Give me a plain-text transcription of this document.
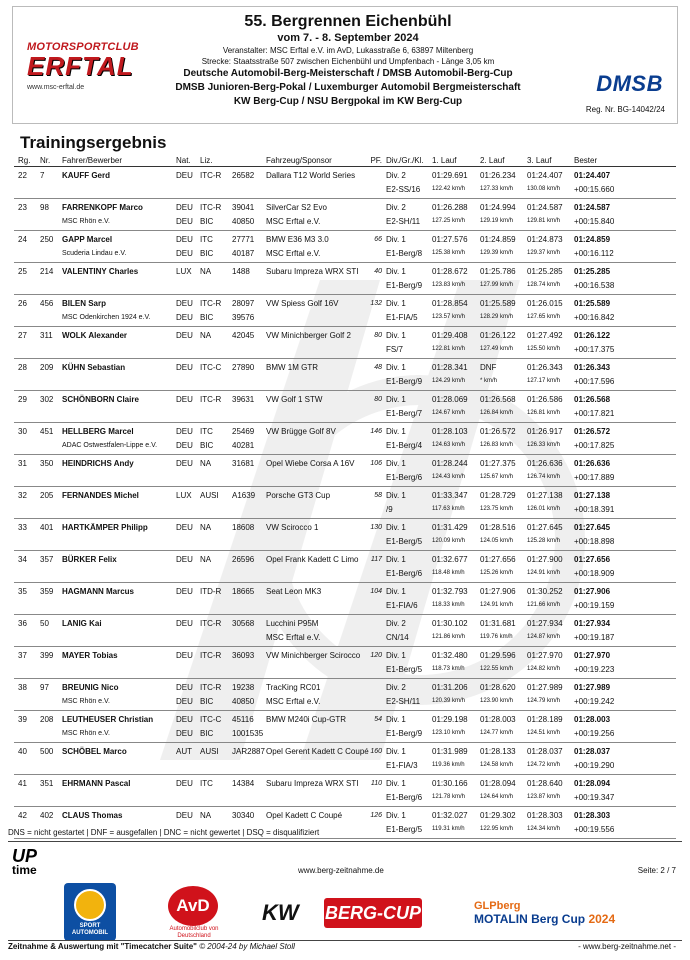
MOTORSPORTCLUB
ERFTAL
www.msc-erftal.de
55. Bergrennen Eichenbühl
vom 7. - 8. September 2024
Veranstalter: MSC Erftal e.V. im AvD, Lukasstraße 6, 63897 Miltenberg
Strecke: Staatsstraße 507 zwischen Eichenbühl und Umpfenbach - Länge 3,05 km
Deutsche Automobil-Berg-Meisterschaft / DMSB Automobil-Berg-Cup
DMSB Junioren-Berg-Pokal / Luxemburger Automobil Bergmeisterschaft
KW Berg-Cup / NSU Bergpokal im KW Berg-Cup
DMSB
Reg. Nr. BG-14042/24
Trainingsergebnis
Rg. Nr. Fahrer/Bewerber	Nat. Liz.	Fahrzeug/Sponsor	PF. Div./Gr./Kl. 1. Lauf	2. Lauf	3. Lauf	Bester
22 7 KAUFF Gerd	DEU ITC-R 26582 Dallara T12 World Series	Div. 2	01:29.691 01:26.234 01:24.407 01:24.407
E2-SS/16 122.42 km/h 127.33 km/h 130.08 km/h +00:15.660
23 98 FARRENKOPF Marco	DEU ITC-R 39041 SilverCar S2 Evo	Div. 2	01:26.288 01:24.994 01:24.587 01:24.587
MSC Rhön e.V.	DEU BIC 40850 MSC Erftal e.V.	E2-SH/11 127.25 km/h 129.19 km/h 129.81 km/h +00:15.840
24 250 GAPP Marcel	DEU ITC 27771 BMW E36 M3 3.0	66 Div. 1	01:27.576 01:24.859 01:24.873 01:24.859
Scuderia Lindau e.V.	DEU BIC 40187 MSC Erftal e.V.	E1-Berg/8 125.38 km/h 129.39 km/h 129.37 km/h +00:16.112
25 214 VALENTINY Charles	LUX NA	1488 Subaru Impreza WRX STI	40 Div. 1	01:28.672 01:25.786 01:25.285 01:25.285
E1-Berg/9 123.83 km/h 127.99 km/h 128.74 km/h +00:16.538
26 456 BILEN Sarp	DEU ITC-R 28097 VW Spiess Golf 16V	132 Div. 1	01:28.854 01:25.589 01:26.015 01:25.589
MSC Odenkirchen 1924 e.V.	DEU BIC 39576	E1-FIA/5 123.57 km/h 128.29 km/h 127.65 km/h +00:16.842
27 311 WOLK Alexander	DEU NA	42045 VW Minichberger Golf 2	80 Div. 1	01:29.408 01:26.122 01:27.492 01:26.122
FS/7	122.81 km/h 127.49 km/h 125.50 km/h +00:17.375
28 209 KÜHN Sebastian	DEU ITC-C 27890 BMW 1M GTR	48 Div. 1	01:28.341 DNF	01:26.343 01:26.343
E1-Berg/9 124.29 km/h * km/h	127.17 km/h +00:17.596
29 302 SCHÖNBORN Claire	DEU ITC-R 39631 VW Golf 1 STW	80 Div. 1	01:28.069 01:26.568 01:26.586 01:26.568
E1-Berg/7 124.67 km/h 126.84 km/h 126.81 km/h +00:17.821
30 451 HELLBERG Marcel	DEU ITC 25469 VW Brügge Golf 8V	146 Div. 1	01:28.103 01:26.572 01:26.917 01:26.572
ADAC Ostwestfalen-Lippe e.V. DEU BIC 40281	E1-Berg/4 124.63 km/h 126.83 km/h 126.33 km/h +00:17.825
31 350 HEINDRICHS Andy	DEU NA	31681 Opel Wiebe Corsa A 16V	106 Div. 1	01:28.244 01:27.375 01:26.636 01:26.636
E1-Berg/6 124.43 km/h 125.67 km/h 126.74 km/h +00:17.889
32 205 FERNANDES Michel	LUX AUSI A1639 Porsche GT3 Cup	58 Div. 1	01:33.347 01:28.729 01:27.138 01:27.138
/9	117.63 km/h	123.75 km/h 126.01 km/h +00:18.391
33 401 HARTKÄMPER Philipp	DEU NA	18608 VW Scirocco 1	130 Div. 1	01:31.429 01:28.516 01:27.645 01:27.645
E1-Berg/5 120.09 km/h 124.05 km/h 125.28 km/h +00:18.898
34 357 BÜRKER Felix	DEU NA	26596 Opel Frank Kadett C Limo	117 Div. 1	01:32.677 01:27.656 01:27.900 01:27.656
E1-Berg/6 118.48 km/h	125.26 km/h 124.91 km/h +00:18.909
35 359 HAGMANN Marcus	DEU ITD-R 18665 Seat Leon MK3	104 Div. 1	01:32.793 01:27.906 01:30.252 01:27.906
E1-FIA/6 118.33 km/h	124.91 km/h 121.66 km/h +00:19.159
36 50 LANIG Kai	DEU ITC-R 30568 Lucchini P95M	Div. 2	01:30.102 01:31.681 01:27.934 01:27.934
MSC Erftal e.V.	CN/14	121.86 km/h 119.76 km/h 124.87 km/h +00:19.187
37 399 MAYER Tobias	DEU ITC-R 36093 VW Minichberger Scirocco	120 Div. 1	01:32.480 01:29.596 01:27.970 01:27.970
E1-Berg/5 118.73 km/h	122.55 km/h 124.82 km/h +00:19.223
38 97 BREUNIG Nico	DEU ITC-R 19238 TracKing RC01	Div. 2	01:31.206 01:28.620 01:27.989 01:27.989
MSC Rhön e.V.	DEU BIC 40850 MSC Erftal e.V.	E2-SH/11 120.39 km/h 123.90 km/h 124.79 km/h +00:19.242
39 208 LEUTHEUSER Christian	DEU ITC-C 45116 BMW M240i Cup-GTR	54 Div. 1	01:29.198 01:28.003 01:28.189 01:28.003
MSC Rhön e.V.	DEU BIC 1001535	E1-Berg/9 123.10 km/h 124.77 km/h 124.51 km/h +00:19.256
40 500 SCHÖBEL Marco	AUT AUSI JAR2887 Opel Gerent Kadett C Coupé 160 Div. 1	01:31.989 01:28.133 01:28.037 01:28.037
E1-FIA/3 119.36 km/h	124.58 km/h 124.72 km/h +00:19.290
41 351 EHRMANN Pascal	DEU ITC 14384 Subaru Impreza WRX STI	110 Div. 1	01:30.166 01:28.094 01:28.640 01:28.094
E1-Berg/6 121.78 km/h 124.64 km/h 123.87 km/h +00:19.347
42 402 CLAUS Thomas	DEU NA	30340 Opel Kadett C Coupé	126 Div. 1	01:32.027 01:29.302 01:28.303 01:28.303
E1-Berg/5 119.31 km/h	122.95 km/h 124.34 km/h +00:19.556
DNS = nicht gestartet | DNF = ausgefallen | DNC = nicht gewertet | DSQ = disqualifiziert
UP
time	www.berg-zeitnahme.de	Seite: 2 / 7
SPORT AUTOMOBIL
AvD
Automobilclub von Deutschland
KW BERG-CUP	GLPberg
MOTALIN Berg Cup 2024
Zeitnahme & Auswertung mit "Timecatcher Suite" © 2004-24 by Michael Stoll	- www.berg-zeitnahme.net -
